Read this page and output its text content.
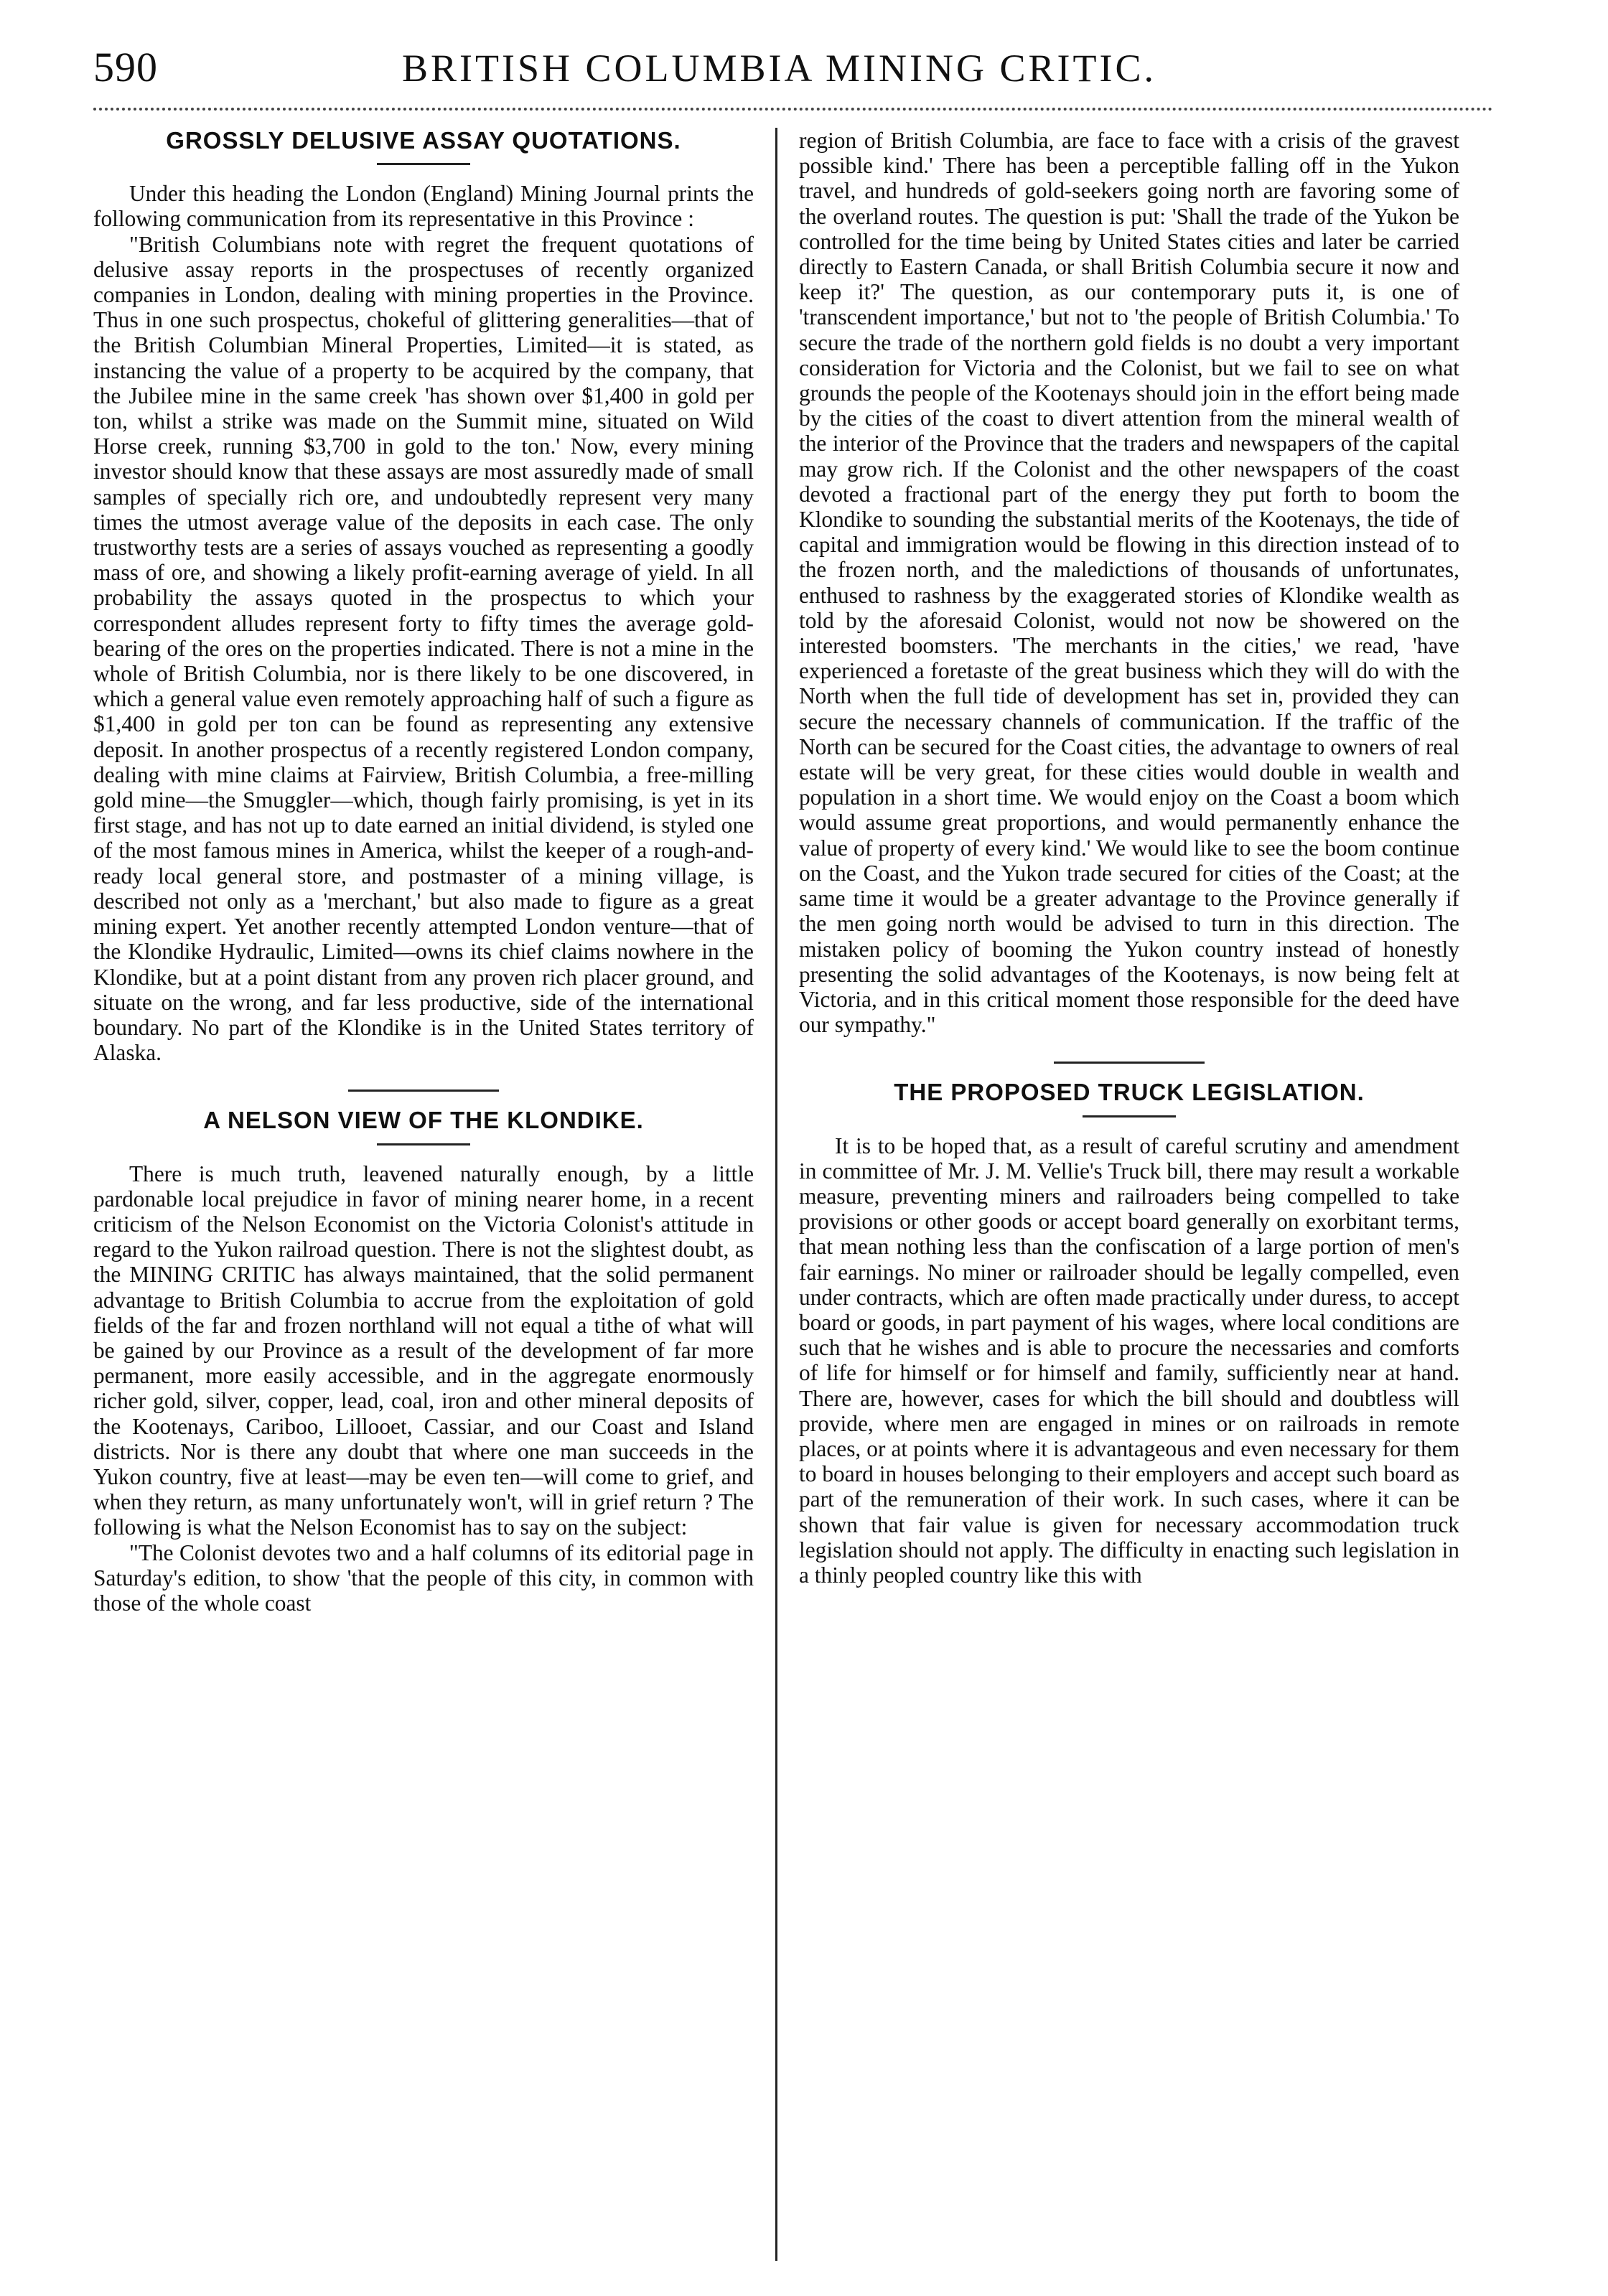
590	BRITISH COLUMBIA MINING CRITIC.
GROSSLY DELUSIVE ASSAY QUOTATIONS.

Under this heading the London (England) Mining Journal prints the following communication from its representative in this Province :

"British Columbians note with regret the frequent quotations of delusive assay reports in the prospectuses of recently organized companies in London, dealing with mining properties in the Province. Thus in one such prospectus, chokeful of glittering generalities—that of the British Columbian Mineral Properties, Limited—it is stated, as instancing the value of a property to be acquired by the company, that the Jubilee mine in the same creek 'has shown over $1,400 in gold per ton, whilst a strike was made on the Summit mine, situated on Wild Horse creek, running $3,700 in gold to the ton.' Now, every mining investor should know that these assays are most assuredly made of small samples of specially rich ore, and undoubtedly represent very many times the utmost average value of the deposits in each case. The only trustworthy tests are a series of assays vouched as representing a goodly mass of ore, and showing a likely profit-earning average of yield. In all probability the assays quoted in the prospectus to which your correspondent alludes represent forty to fifty times the average gold-bearing of the ores on the properties indicated. There is not a mine in the whole of British Columbia, nor is there likely to be one discovered, in which a general value even remotely approaching half of such a figure as $1,400 in gold per ton can be found as representing any extensive deposit. In another prospectus of a recently registered London company, dealing with mine claims at Fairview, British Columbia, a free-milling gold mine—the Smuggler—which, though fairly promising, is yet in its first stage, and has not up to date earned an initial dividend, is styled one of the most famous mines in America, whilst the keeper of a rough-and-ready local general store, and postmaster of a mining village, is described not only as a 'merchant,' but also made to figure as a great mining expert. Yet another recently attempted London venture—that of the Klondike Hydraulic, Limited—owns its chief claims nowhere in the Klondike, but at a point distant from any proven rich placer ground, and situate on the wrong, and far less productive, side of the international boundary. No part of the Klondike is in the United States territory of Alaska.

A NELSON VIEW OF THE KLONDIKE.

There is much truth, leavened naturally enough, by a little pardonable local prejudice in favor of mining nearer home, in a recent criticism of the Nelson Economist on the Victoria Colonist's attitude in regard to the Yukon railroad question. There is not the slightest doubt, as the MINING CRITIC has always maintained, that the solid permanent advantage to British Columbia to accrue from the exploitation of gold fields of the far and frozen northland will not equal a tithe of what will be gained by our Province as a result of the development of far more permanent, more easily accessible, and in the aggregate enormously richer gold, silver, copper, lead, coal, iron and other mineral deposits of the Kootenays, Cariboo, Lillooet, Cassiar, and our Coast and Island districts. Nor is there any doubt that where one man succeeds in the Yukon country, five at least—may be even ten—will come to grief, and when they return, as many unfortunately won't, will in grief return ? The following is what the Nelson Economist has to say on the subject:

"The Colonist devotes two and a half columns of its editorial page in Saturday's edition, to show 'that the people of this city, in common with those of the whole coast

region of British Columbia, are face to face with a crisis of the gravest possible kind.' There has been a perceptible falling off in the Yukon travel, and hundreds of gold-seekers going north are favoring some of the overland routes. The question is put: 'Shall the trade of the Yukon be controlled for the time being by United States cities and later be carried directly to Eastern Canada, or shall British Columbia secure it now and keep it?' The question, as our contemporary puts it, is one of 'transcendent importance,' but not to 'the people of British Columbia.' To secure the trade of the northern gold fields is no doubt a very important consideration for Victoria and the Colonist, but we fail to see on what grounds the people of the Kootenays should join in the effort being made by the cities of the coast to divert attention from the mineral wealth of the interior of the Province that the traders and newspapers of the capital may grow rich. If the Colonist and the other newspapers of the coast devoted a fractional part of the energy they put forth to boom the Klondike to sounding the substantial merits of the Kootenays, the tide of capital and immigration would be flowing in this direction instead of to the frozen north, and the maledictions of thousands of unfortunates, enthused to rashness by the exaggerated stories of Klondike wealth as told by the aforesaid Colonist, would not now be showered on the interested boomsters. 'The merchants in the cities,' we read, 'have experienced a foretaste of the great business which they will do with the North when the full tide of development has set in, provided they can secure the necessary channels of communication. If the traffic of the North can be secured for the Coast cities, the advantage to owners of real estate will be very great, for these cities would double in wealth and population in a short time. We would enjoy on the Coast a boom which would assume great proportions, and would permanently enhance the value of property of every kind.' We would like to see the boom continue on the Coast, and the Yukon trade secured for cities of the Coast; at the same time it would be a greater advantage to the Province generally if the men going north would be advised to turn in this direction. The mistaken policy of booming the Yukon country instead of honestly presenting the solid advantages of the Kootenays, is now being felt at Victoria, and in this critical moment those responsible for the deed have our sympathy."

THE PROPOSED TRUCK LEGISLATION.

It is to be hoped that, as a result of careful scrutiny and amendment in committee of Mr. J. M. Vellie's Truck bill, there may result a workable measure, preventing miners and railroaders being compelled to take provisions or other goods or accept board generally on exorbitant terms, that mean nothing less than the confiscation of a large portion of men's fair earnings. No miner or railroader should be legally compelled, even under contracts, which are often made practically under duress, to accept board or goods, in part payment of his wages, where local conditions are such that he wishes and is able to procure the necessaries and comforts of life for himself or for himself and family, sufficiently near at hand. There are, however, cases for which the bill should and doubtless will provide, where men are engaged in mines or on railroads in remote places, or at points where it is advantageous and even necessary for them to board in houses belonging to their employers and accept such board as part of the remuneration of their work. In such cases, where it can be shown that fair value is given for necessary accommodation truck legislation should not apply. The difficulty in enacting such legislation in a thinly peopled country like this with
